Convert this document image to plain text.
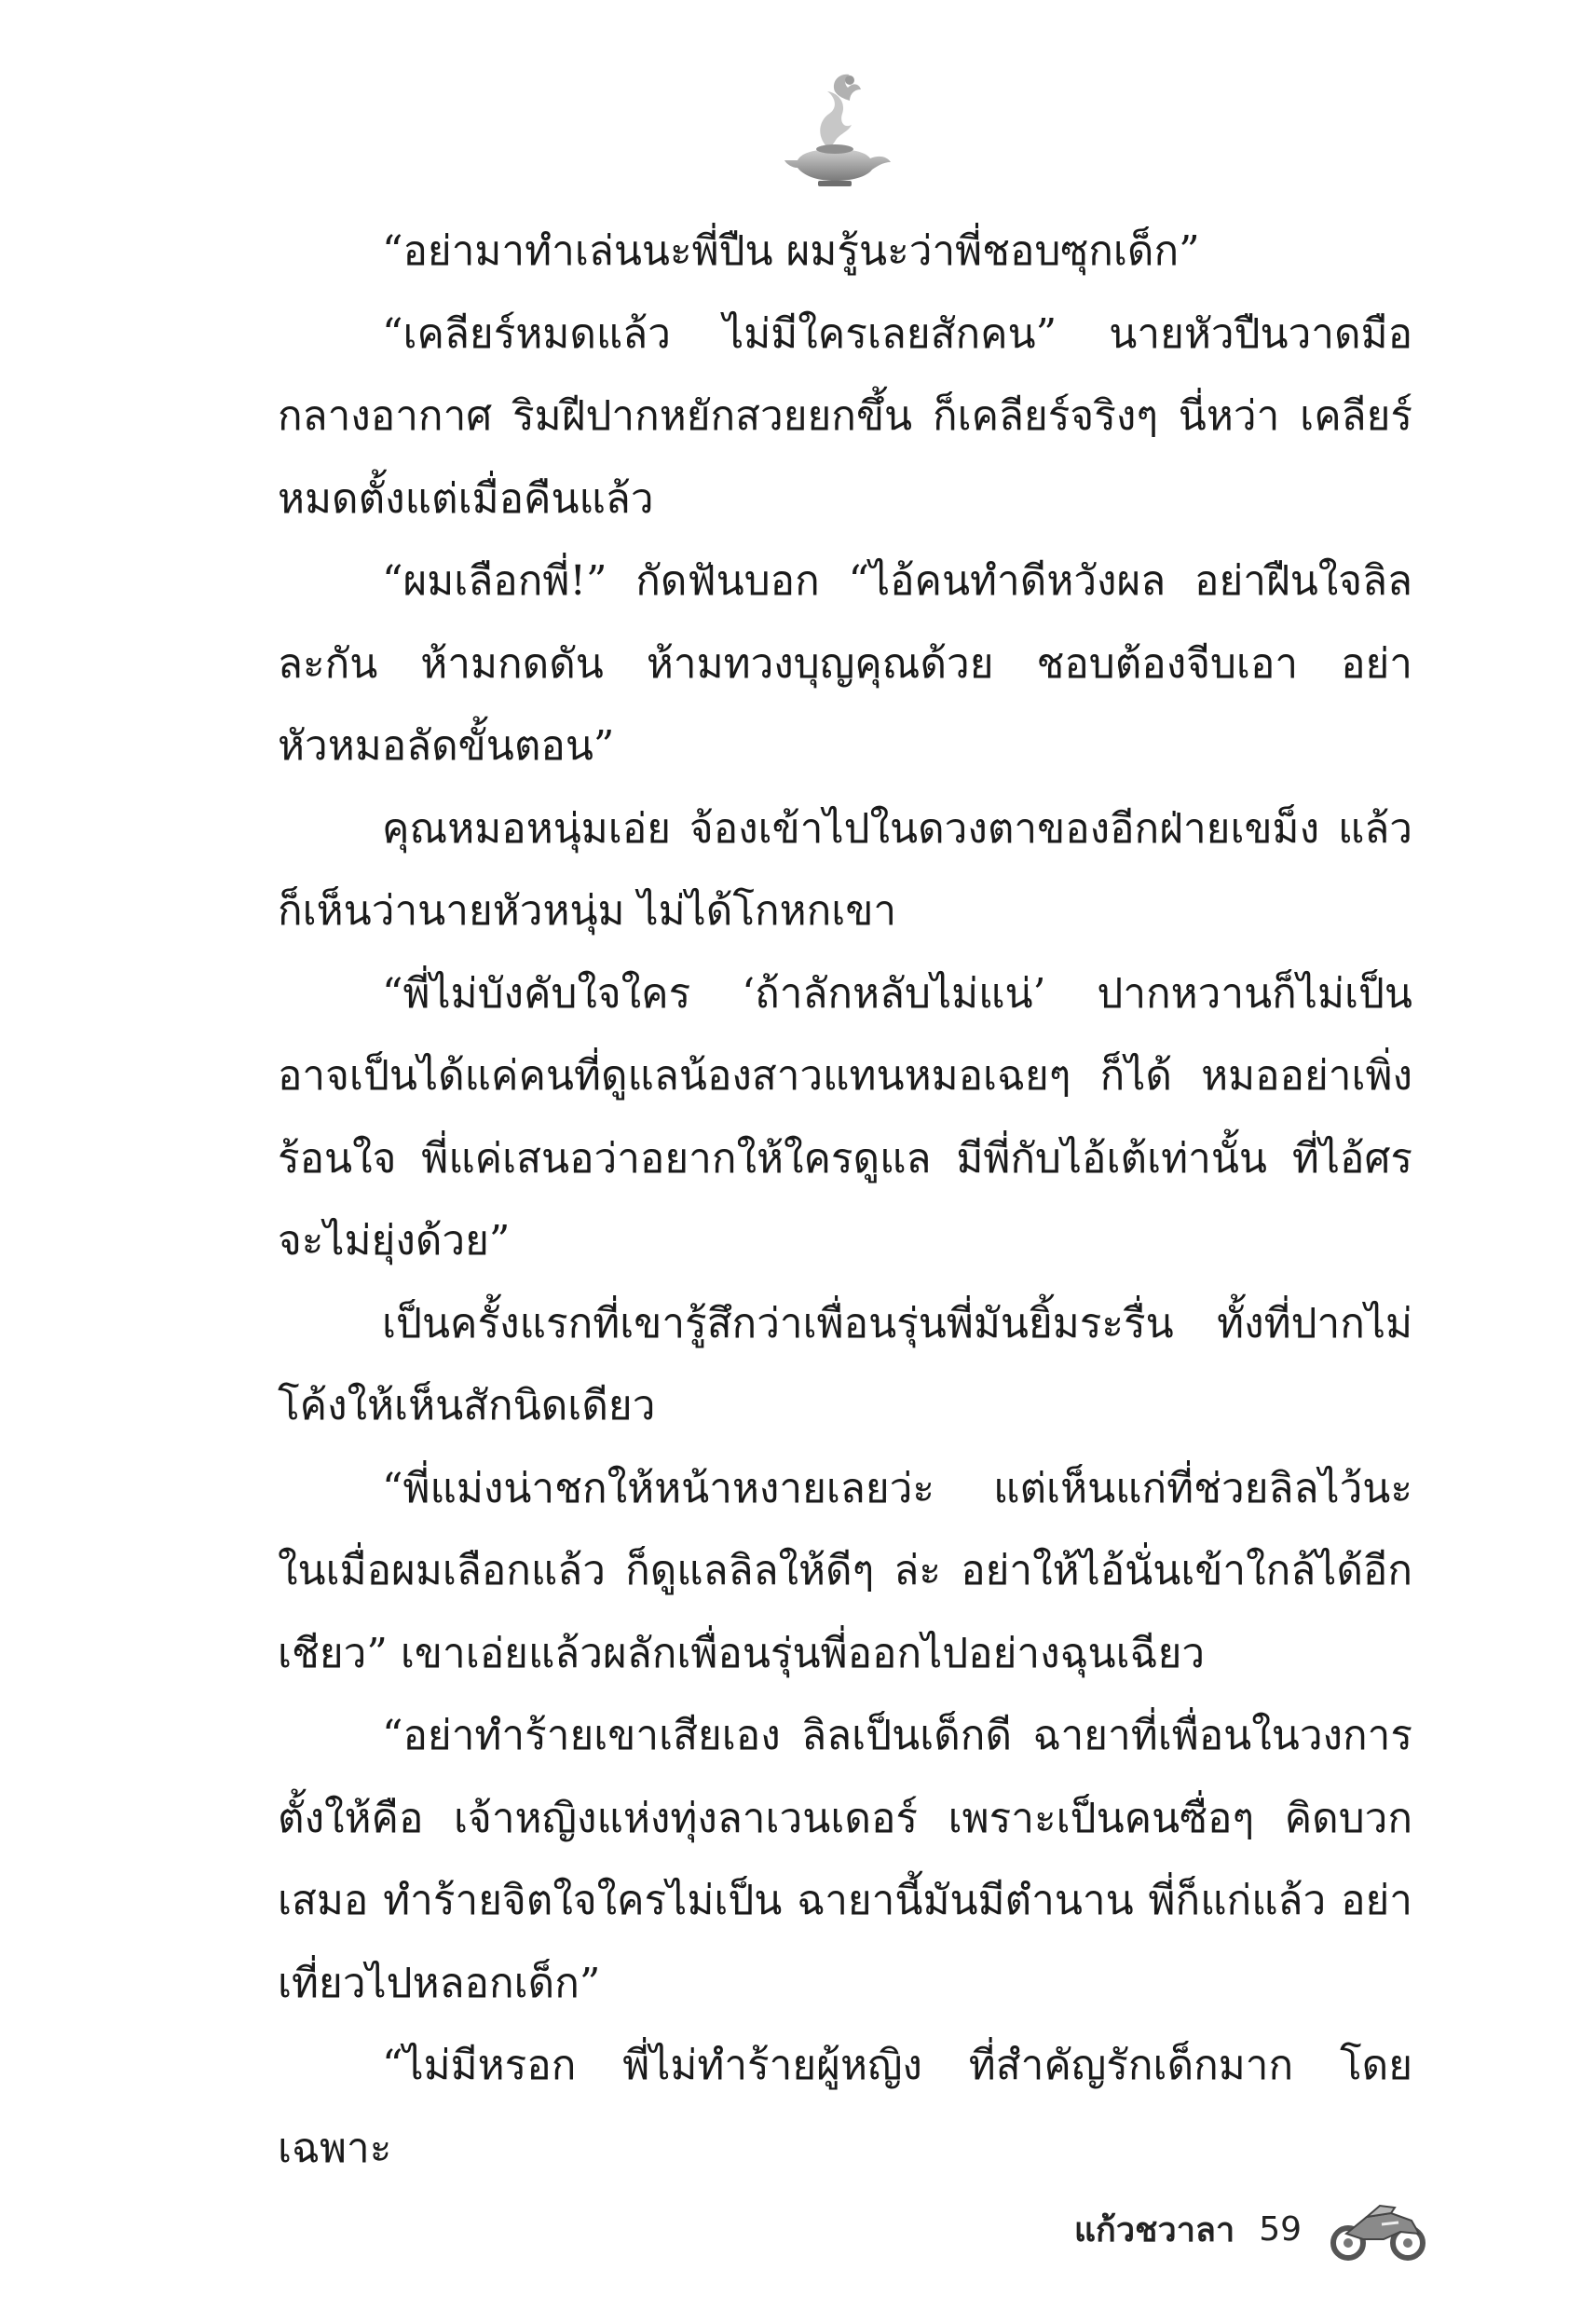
“อย่ามาทำเล่นนะพี่ปืน ผมรู้นะว่าพี่ชอบซุกเด็ก”

“เคลียร์หมดแล้ว ไม่มีใครเลยสักคน” นายหัวปืนวาดมือกลางอากาศ ริมฝีปากหยักสวยยกขึ้น ก็เคลียร์จริงๆ นี่หว่า เคลียร์หมดตั้งแต่เมื่อคืนแล้ว

“ผมเลือกพี่!” กัดฟันบอก “ไอ้คนทำดีหวังผล อย่าฝืนใจลิลละกัน ห้ามกดดัน ห้ามทวงบุญคุณด้วย ชอบต้องจีบเอา อย่าหัวหมอลัดขั้นตอน”

คุณหมอหนุ่มเอ่ย จ้องเข้าไปในดวงตาของอีกฝ่ายเขม็ง แล้วก็เห็นว่านายหัวหนุ่ม ไม่ได้โกหกเขา

“พี่ไม่บังคับใจใคร ‘ถ้าลักหลับไม่แน่’ ปากหวานก็ไม่เป็น อาจเป็นได้แค่คนที่ดูแลน้องสาวแทนหมอเฉยๆ ก็ได้ หมออย่าเพิ่งร้อนใจ พี่แค่เสนอว่าอยากให้ใครดูแล มีพี่กับไอ้เต้เท่านั้น ที่ไอ้ศรจะไม่ยุ่งด้วย”

เป็นครั้งแรกที่เขารู้สึกว่าเพื่อนรุ่นพี่มันยิ้มระรื่น ทั้งที่ปากไม่โค้งให้เห็นสักนิดเดียว

“พี่แม่งน่าชกให้หน้าหงายเลยว่ะ แต่เห็นแก่ที่ช่วยลิลไว้นะ ในเมื่อผมเลือกแล้ว ก็ดูแลลิลให้ดีๆ ล่ะ อย่าให้ไอ้นั่นเข้าใกล้ได้อีกเชียว” เขาเอ่ยแล้วผลักเพื่อนรุ่นพี่ออกไปอย่างฉุนเฉียว

“อย่าทำร้ายเขาเสียเอง ลิลเป็นเด็กดี ฉายาที่เพื่อนในวงการตั้งให้คือ เจ้าหญิงแห่งทุ่งลาเวนเดอร์ เพราะเป็นคนซื่อๆ คิดบวกเสมอ ทำร้ายจิตใจใครไม่เป็น ฉายานี้มันมีตำนาน พี่ก็แก่แล้ว อย่าเที่ยวไปหลอกเด็ก”

“ไม่มีหรอก พี่ไม่ทำร้ายผู้หญิง ที่สำคัญรักเด็กมาก โดยเฉพาะ

แก้วชวาลา 59
